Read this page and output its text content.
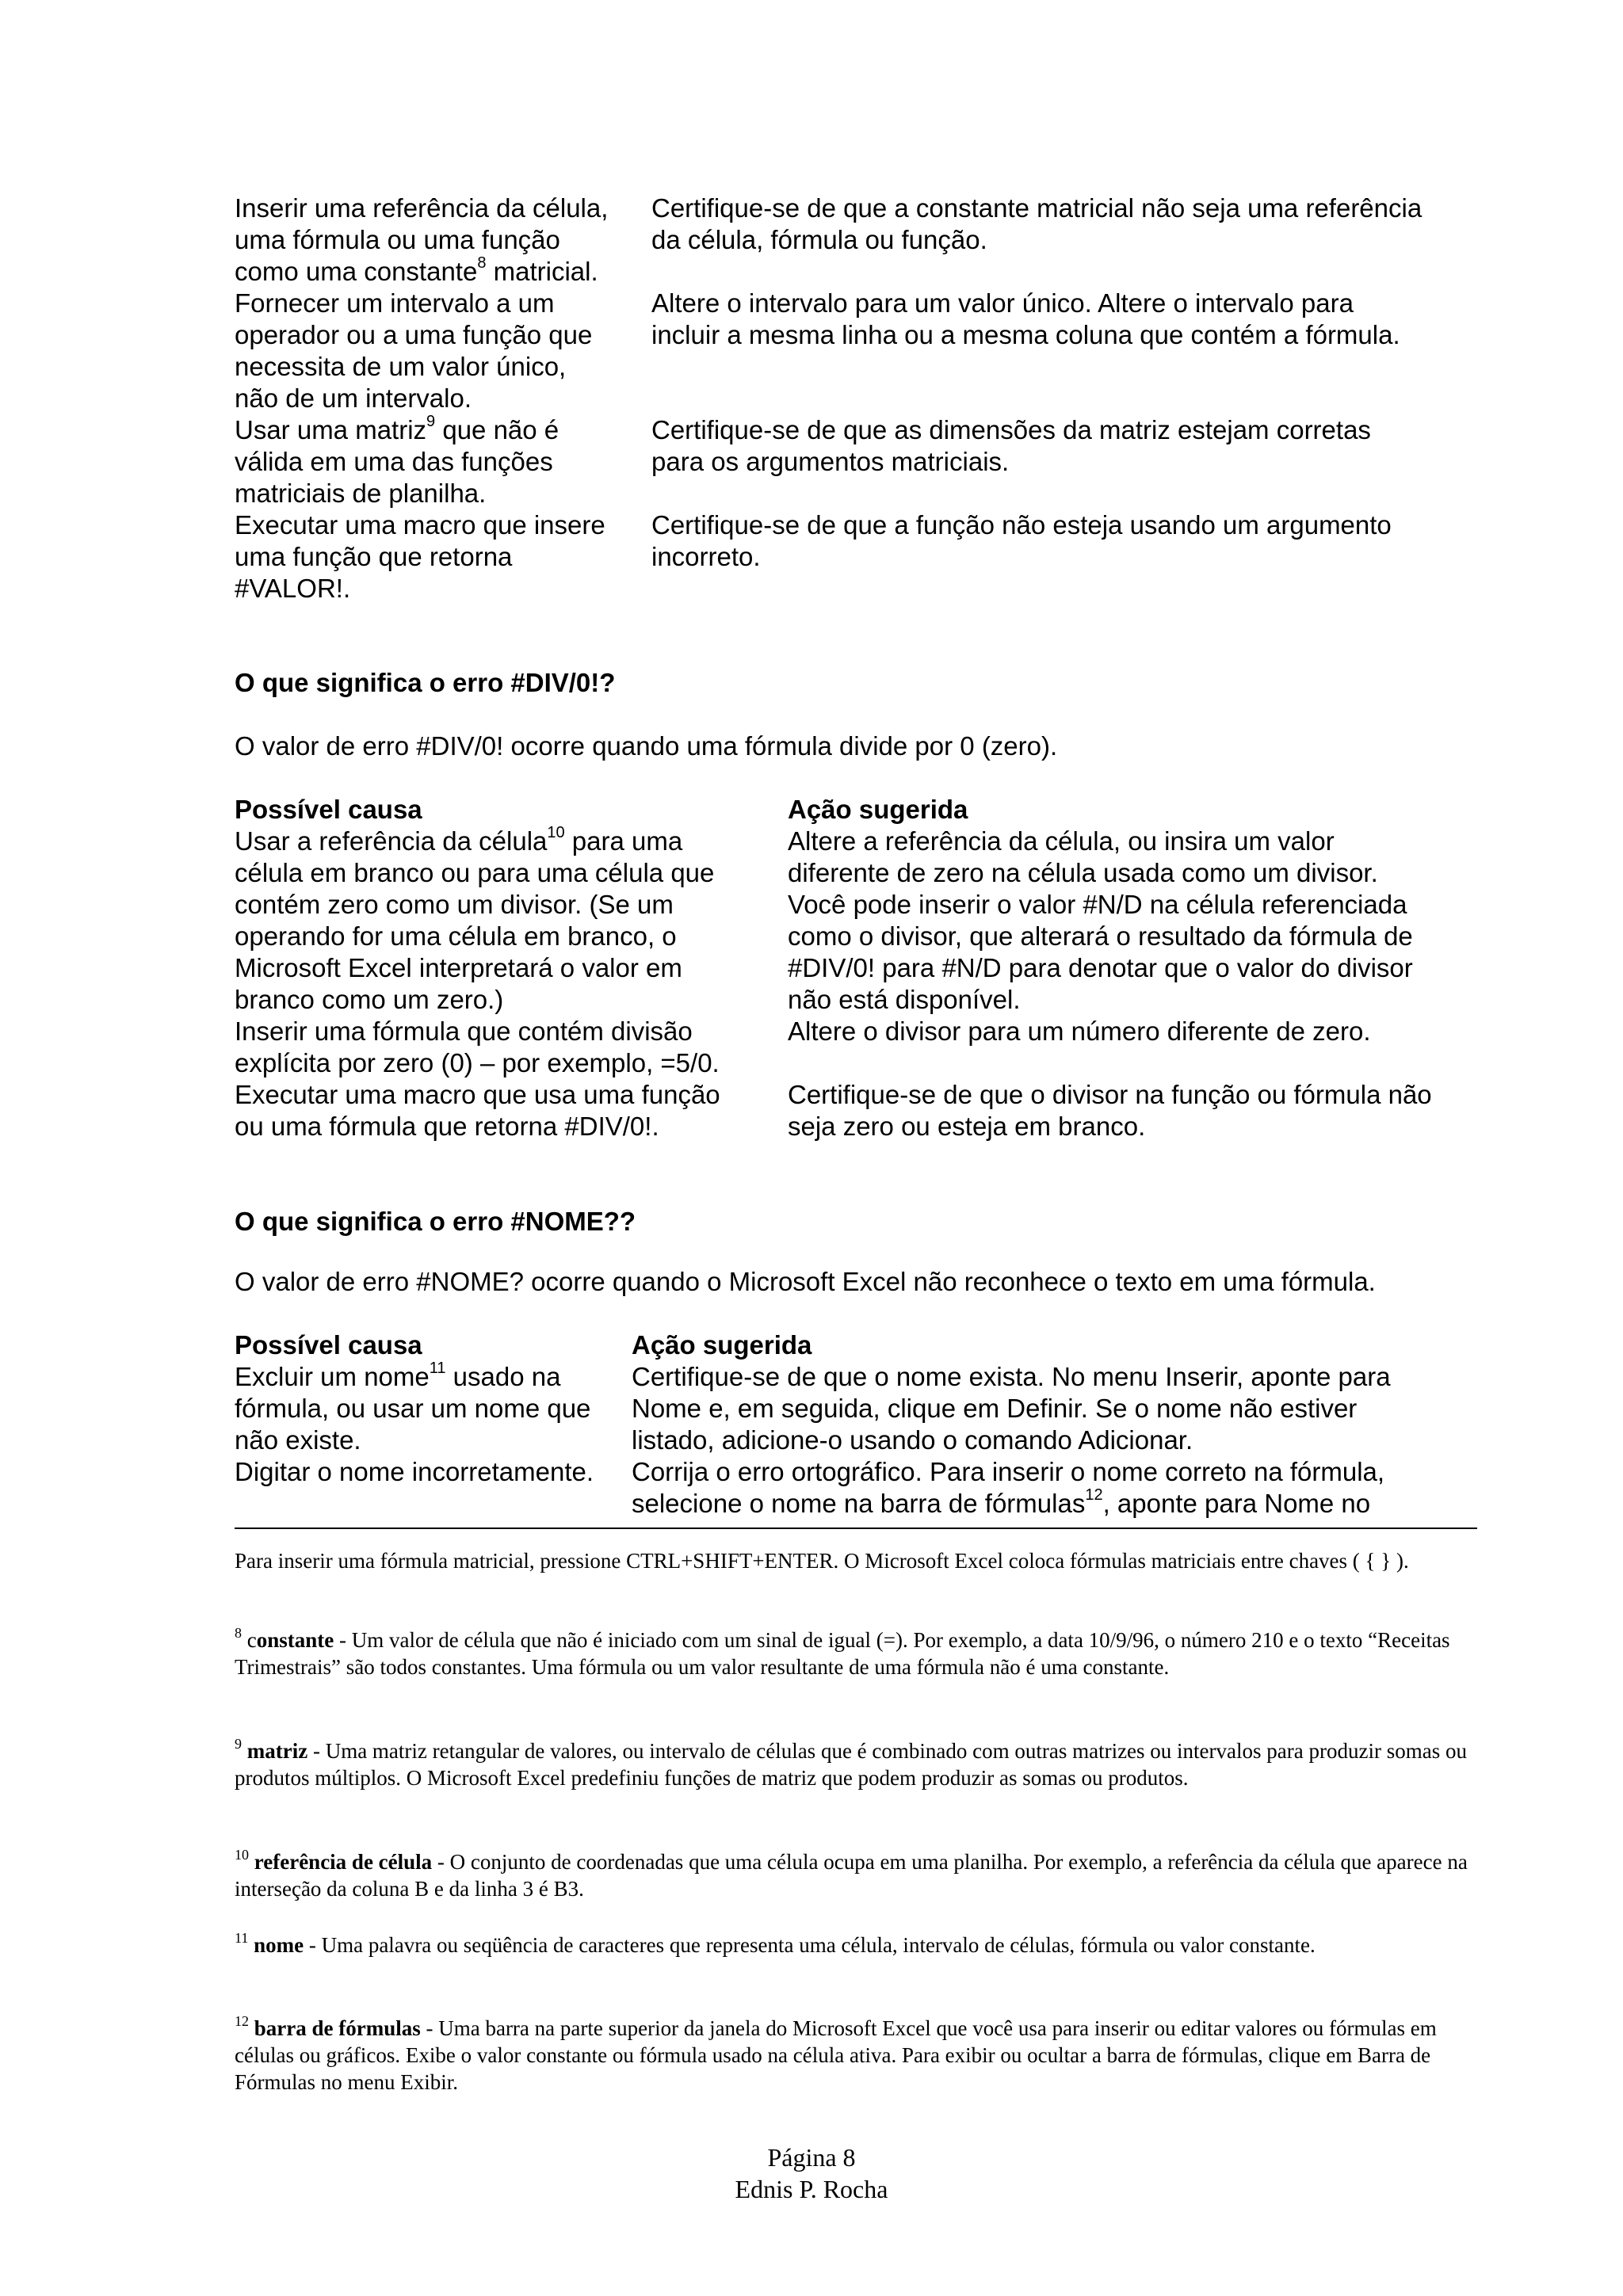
Inserir uma referência da célula,
uma fórmula ou uma função
como uma constante$^8$ matricial.
Certifique-se de que a constante matricial não seja uma referência
da célula, fórmula ou função.
Fornecer um intervalo a um
operador ou a uma função que
necessita de um valor único,
não de um intervalo.
Altere o intervalo para um valor único. Altere o intervalo para
incluir a mesma linha ou a mesma coluna que contém a fórmula.
Usar uma matriz$^9$ que não é
válida em uma das funções
matriciais de planilha.
Certifique-se de que as dimensões da matriz estejam corretas
para os argumentos matriciais.
Executar uma macro que insere
uma função que retorna
#VALOR!.
Certifique-se de que a função não esteja usando um argumento
incorreto.
O que significa o erro #DIV/0!?
O valor de erro #DIV/0! ocorre quando uma fórmula divide por 0 (zero).
Possível causa	Ação sugerida
Usar a referência da célula$^{10}$ para uma
célula em branco ou para uma célula que
contém zero como um divisor. (Se um
operando for uma célula em branco, o
Microsoft Excel interpretará o valor em
branco como um zero.)
Inserir uma fórmula que contém divisão
explícita por zero (0) – por exemplo, =5/0.
Executar uma macro que usa uma função
ou uma fórmula que retorna #DIV/0!.
Altere a referência da célula, ou insira um valor
diferente de zero na célula usada como um divisor.
Você pode inserir o valor #N/D na célula referenciada
como o divisor, que alterará o resultado da fórmula de
#DIV/0! para #N/D para denotar que o valor do divisor
não está disponível.
Altere o divisor para um número diferente de zero.
Certifique-se de que o divisor na função ou fórmula não
seja zero ou esteja em branco.
O que significa o erro #NOME??
O valor de erro #NOME? ocorre quando o Microsoft Excel não reconhece o texto em uma fórmula.
Possível causa	Ação sugerida
Excluir um nome$^{11}$ usado na
fórmula, ou usar um nome que
não existe.
Digitar o nome incorretamente.
Certifique-se de que o nome exista. No menu Inserir, aponte para
Nome e, em seguida, clique em Definir. Se o nome não estiver
listado, adicione-o usando o comando Adicionar.
Corrija o erro ortográfico. Para inserir o nome correto na fórmula,
selecione o nome na barra de fórmulas$^{12}$, aponte para Nome no
Para inserir uma fórmula matricial, pressione CTRL+SHIFT+ENTER. O Microsoft Excel coloca fórmulas matriciais entre chaves ( { } ).
$^8$ constante - Um valor de célula que não é iniciado com um sinal de igual (=). Por exemplo, a data 10/9/96, o número 210 e o texto “Receitas Trimestrais” são todos constantes. Uma fórmula ou um valor resultante de uma fórmula não é uma constante.
$^9$ matriz - Uma matriz retangular de valores, ou intervalo de células que é combinado com outras matrizes ou intervalos para produzir somas ou produtos múltiplos. O Microsoft Excel predefiniu funções de matriz que podem produzir as somas ou produtos.
$^{10}$ referência de célula - O conjunto de coordenadas que uma célula ocupa em uma planilha. Por exemplo, a referência da célula que aparece na interseção da coluna B e da linha 3 é B3.
$^{11}$ nome - Uma palavra ou seqüência de caracteres que representa uma célula, intervalo de células, fórmula ou valor constante.
$^{12}$ barra de fórmulas - Uma barra na parte superior da janela do Microsoft Excel que você usa para inserir ou editar valores ou fórmulas em células ou gráficos. Exibe o valor constante ou fórmula usado na célula ativa. Para exibir ou ocultar a barra de fórmulas, clique em Barra de Fórmulas no menu Exibir.
Página 8
Ednis P. Rocha
